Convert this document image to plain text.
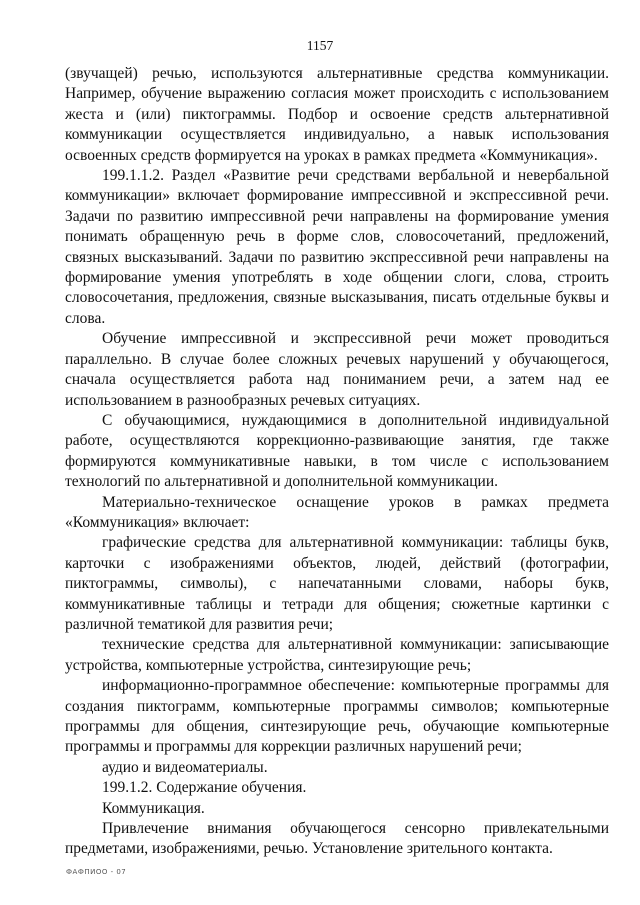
1157

(звучащей) речью, используются альтернативные средства коммуникации. Например, обучение выражению согласия может происходить с использованием жеста и (или) пиктограммы. Подбор и освоение средств альтернативной коммуникации осуществляется индивидуально, а навык использования освоенных средств формируется на уроках в рамках предмета «Коммуникация».

199.1.1.2. Раздел «Развитие речи средствами вербальной и невербальной коммуникации» включает формирование импрессивной и экспрессивной речи. Задачи по развитию импрессивной речи направлены на формирование умения понимать обращенную речь в форме слов, словосочетаний, предложений, связных высказываний. Задачи по развитию экспрессивной речи направлены на формирование умения употреблять в ходе общении слоги, слова, строить словосочетания, предложения, связные высказывания, писать отдельные буквы и слова.

Обучение импрессивной и экспрессивной речи может проводиться параллельно. В случае более сложных речевых нарушений у обучающегося, сначала осуществляется работа над пониманием речи, а затем над ее использованием в разнообразных речевых ситуациях.

С обучающимися, нуждающимися в дополнительной индивидуальной работе, осуществляются коррекционно-развивающие занятия, где также формируются коммуникативные навыки, в том числе с использованием технологий по альтернативной и дополнительной коммуникации.

Материально-техническое оснащение уроков в рамках предмета «Коммуникация» включает:

графические средства для альтернативной коммуникации: таблицы букв, карточки с изображениями объектов, людей, действий (фотографии, пиктограммы, символы), с напечатанными словами, наборы букв, коммуникативные таблицы и тетради для общения; сюжетные картинки с различной тематикой для развития речи;

технические средства для альтернативной коммуникации: записывающие устройства, компьютерные устройства, синтезирующие речь;

информационно-программное обеспечение: компьютерные программы для создания пиктограмм, компьютерные программы символов; компьютерные программы для общения, синтезирующие речь, обучающие компьютерные программы и программы для коррекции различных нарушений речи;

аудио и видеоматериалы.

199.1.2. Содержание обучения.

Коммуникация.

Привлечение внимания обучающегося сенсорно привлекательными предметами, изображениями, речью. Установление зрительного контакта.

ФАФПИОО - 07
